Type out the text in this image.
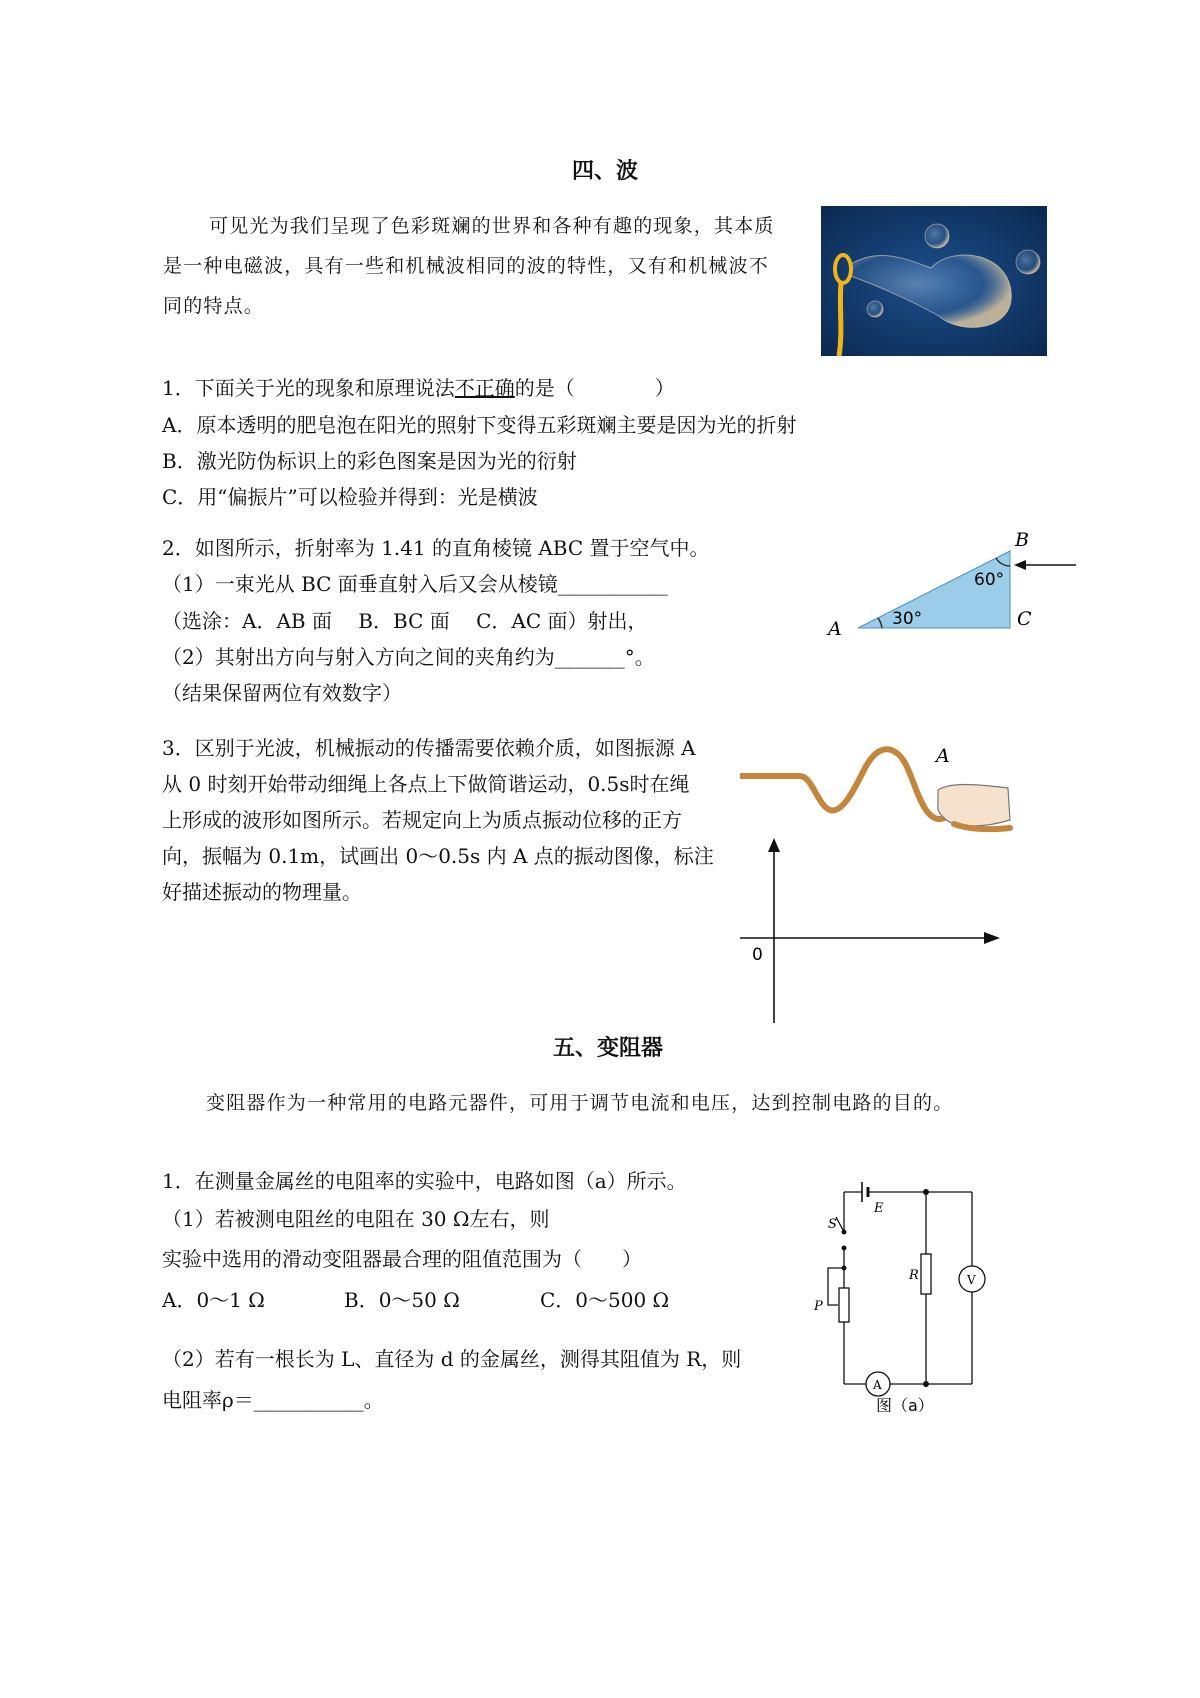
四、波
可见光为我们呈现了色彩斑斓的世界和各种有趣的现象，其本质
是一种电磁波，具有一些和机械波相同的波的特性，又有和机械波不
同的特点。
1．下面关于光的现象和原理说法不正确的是（　　　　）
A．原本透明的肥皂泡在阳光的照射下变得五彩斑斓主要是因为光的折射
B．激光防伪标识上的彩色图案是因为光的衍射
C．用“偏振片”可以检验并得到：光是横波
2．如图所示，折射率为 1.41 的直角棱镜 ABC 置于空气中。
（1）一束光从 BC 面垂直射入后又会从棱镜___________
（选涂：A．AB 面　 B．BC 面　 C．AC 面）射出，
（2）其射出方向与射入方向之间的夹角约为_______°。
（结果保留两位有效数字）
60°
30°
B
C
A
3．区别于光波，机械振动的传播需要依赖介质，如图振源 A
从 0 时刻开始带动细绳上各点上下做简谐运动，0.5s时在绳
上形成的波形如图所示。若规定向上为质点振动位移的正方
向，振幅为 0.1m，试画出 0～0.5s 内 A 点的振动图像，标注
好描述振动的物理量。
A
0
五、变阻器
变阻器作为一种常用的电路元器件，可用于调节电流和电压，达到控制电路的目的。
1．在测量金属丝的电阻率的实验中，电路如图（a）所示。
（1）若被测电阻丝的电阻在 30 Ω左右，则
实验中选用的滑动变阻器最合理的阻值范围为（　　）
A．0～1 Ω	B．0～50 Ω	C．0～500 Ω
（2）若有一根长为 L、直径为 d 的金属丝，测得其阻值为 R，则
电阻率ρ＝___________。
A
V
E
S
R
P
图（a）
